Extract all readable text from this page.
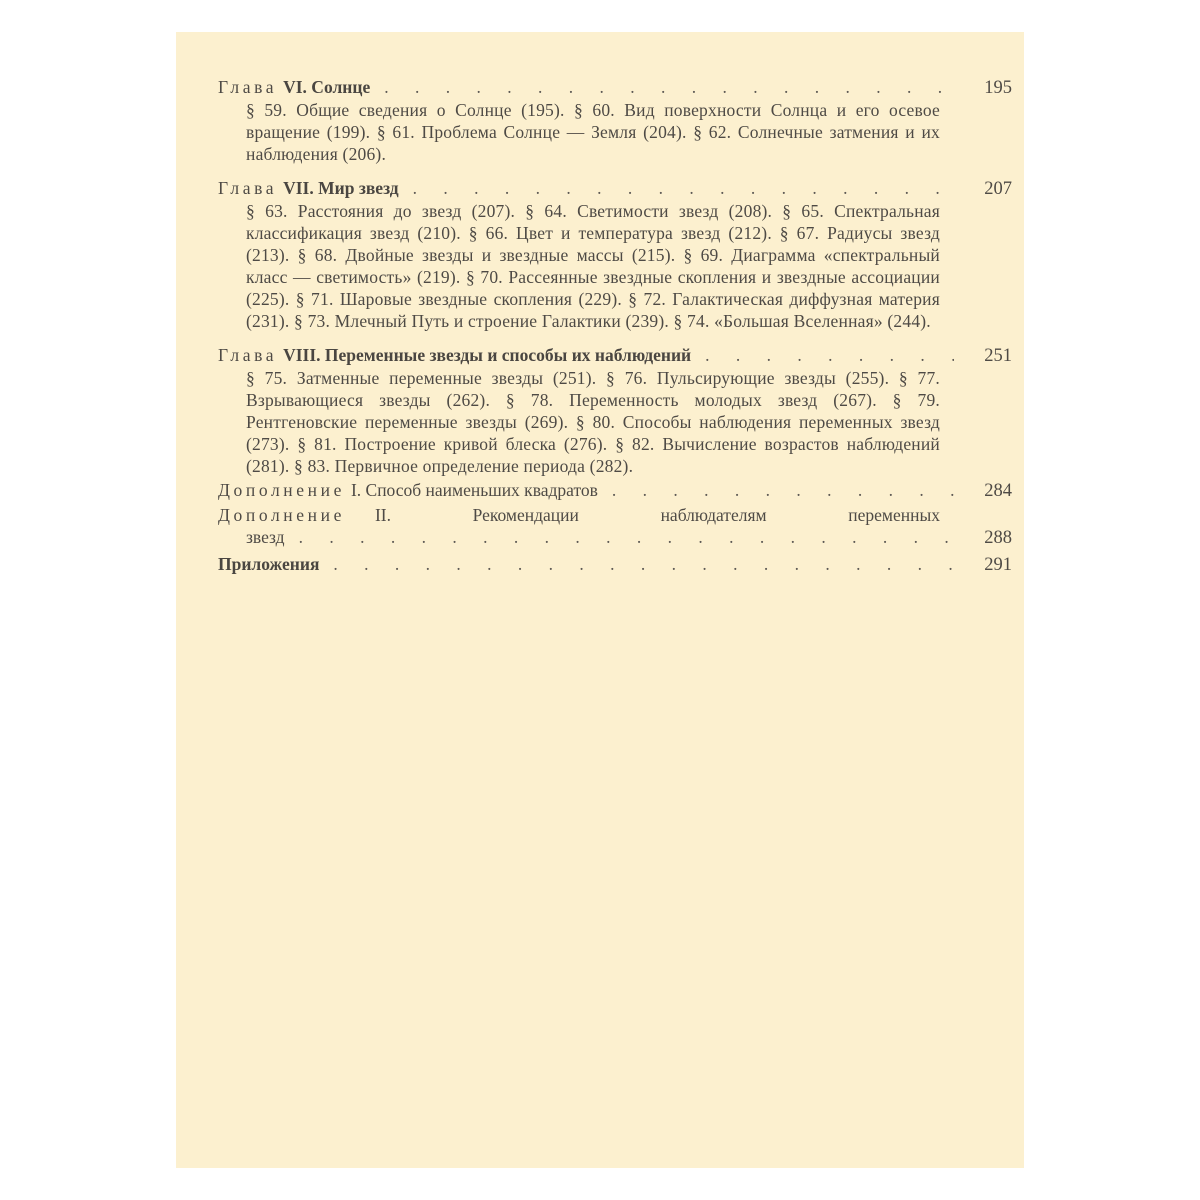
Глава VI. Солнце . . .	195
§ 59. Общие сведения о Солнце (195). § 60. Вид поверхности Солнца и его осевое вращение (199). § 61. Проблема Солнце — Земля (204). § 62. Солнечные затмения и их наблюдения (206).
Глава VII. Мир звезд . . .	207
§ 63. Расстояния до звезд (207). § 64. Светимости звезд (208). § 65. Спектральная классификация звезд (210). § 66. Цвет и температура звезд (212). § 67. Радиусы звезд (213). § 68. Двойные звезды и звездные массы (215). § 69. Диаграмма «спектральный класс — светимость» (219). § 70. Рассеянные звездные скопления и звездные ассоциации (225). § 71. Шаровые звездные скопления (229). § 72. Галактическая диффузная материя (231). § 73. Млечный Путь и строение Галактики (239). § 74. «Большая Вселенная» (244).
Глава VIII. Переменные звезды и способы их наблюдений . . .	251
§ 75. Затменные переменные звезды (251). § 76. Пульсирующие звезды (255). § 77. Взрывающиеся звезды (262). § 78. Переменность молодых звезд (267). § 79. Рентгеновские переменные звезды (269). § 80. Способы наблюдения переменных звезд (273). § 81. Построение кривой блеска (276). § 82. Вычисление возрастов наблюдений (281). § 83. Первичное определение периода (282).
Дополнение I. Способ наименьших квадратов . . .	284
Дополнение II.	Рекомендации	наблюдателям	переменных
звезд . . .	288
Приложения . . .	291
